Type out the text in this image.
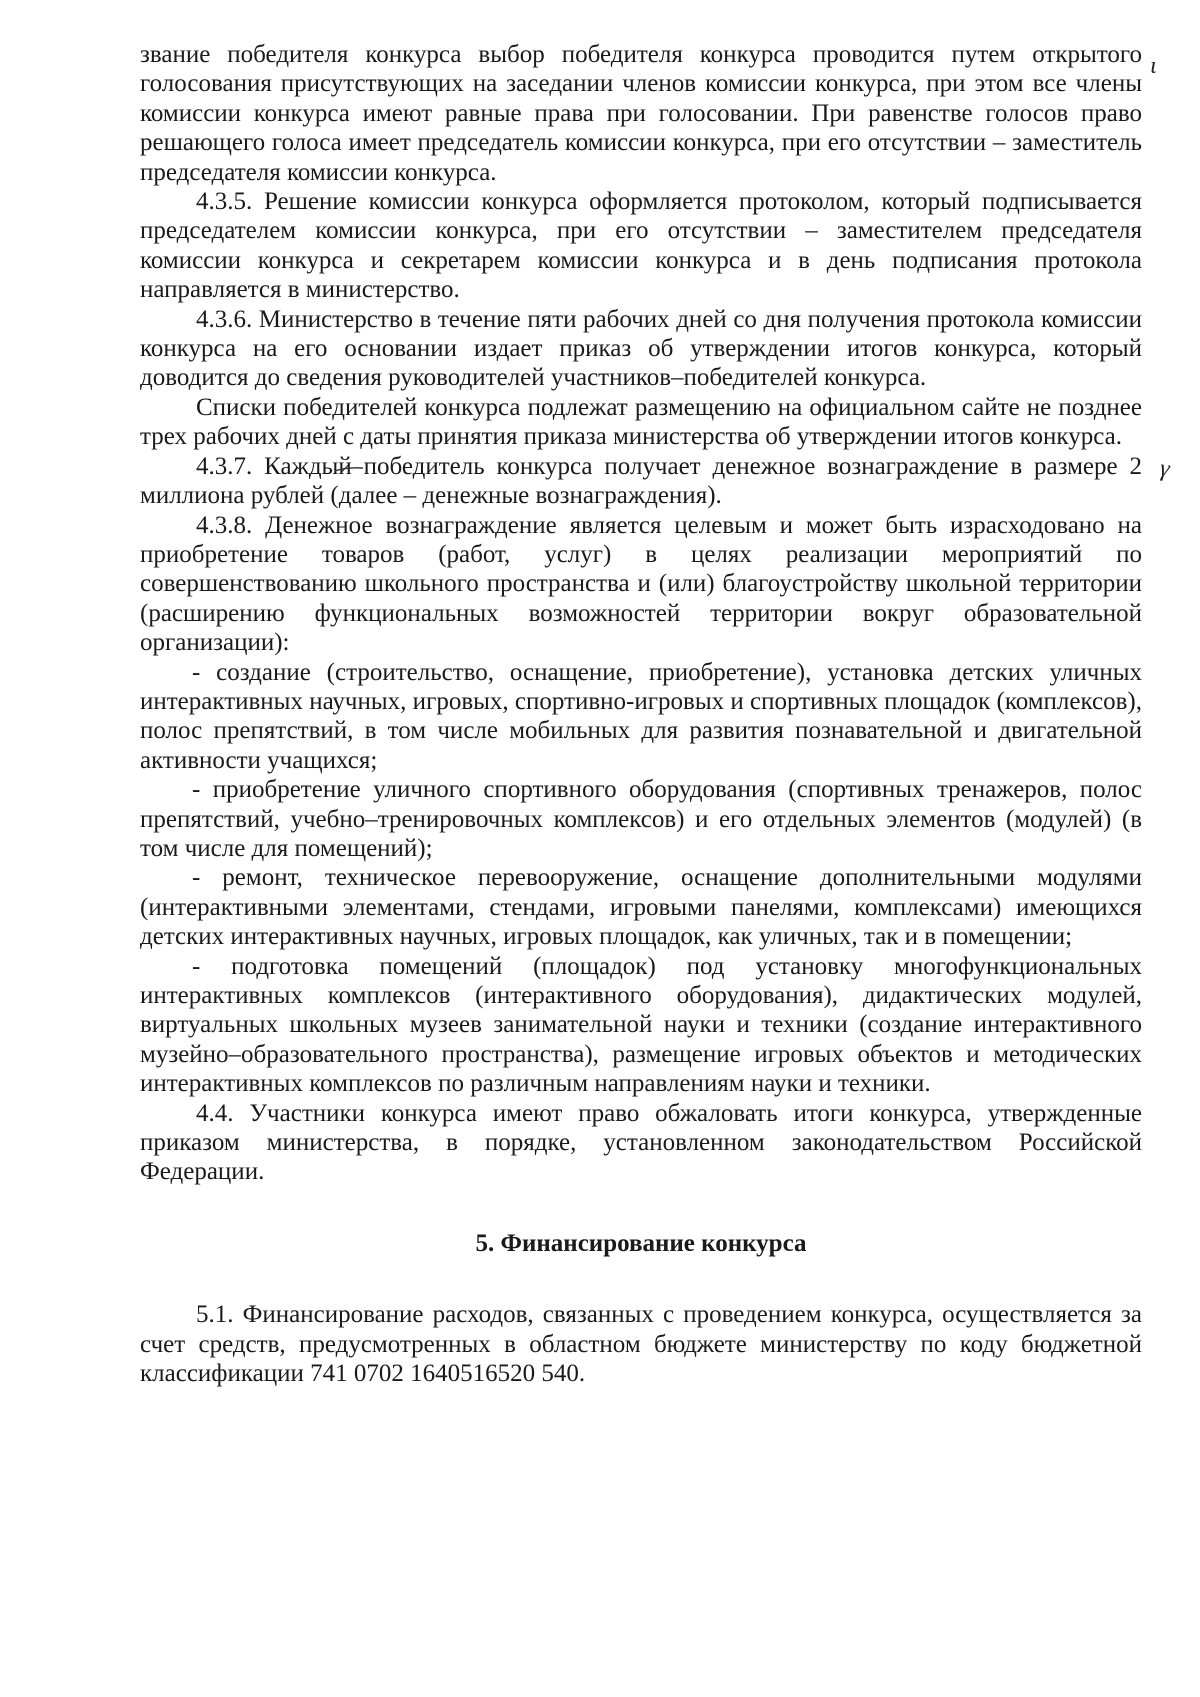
звание победителя конкурса выбор победителя конкурса проводится путем открытого голосования присутствующих на заседании членов комиссии конкурса, при этом все члены комиссии конкурса имеют равные права при голосовании. При равенстве голосов право решающего голоса имеет председатель комиссии конкурса, при его отсутствии – заместитель председателя комиссии конкурса.

4.3.5. Решение комиссии конкурса оформляется протоколом, который подписывается председателем комиссии конкурса, при его отсутствии – заместителем председателя комиссии конкурса и секретарем комиссии конкурса и в день подписания протокола направляется в министерство.

4.3.6. Министерство в течение пяти рабочих дней со дня получения протокола комиссии конкурса на его основании издает приказ об утверждении итогов конкурса, который доводится до сведения руководителей участников–победителей конкурса.

Списки победителей конкурса подлежат размещению на официальном сайте не позднее трех рабочих дней с даты принятия приказа министерства об утверждении итогов конкурса.

4.3.7. Каждый победитель конкурса получает денежное вознаграждение в размере 2 миллиона рублей (далее – денежные вознаграждения).

4.3.8. Денежное вознаграждение является целевым и может быть израсходовано на приобретение товаров (работ, услуг) в целях реализации мероприятий по совершенствованию школьного пространства и (или) благоустройству школьной территории (расширению функциональных возможностей территории вокруг образовательной организации):

- создание (строительство, оснащение, приобретение), установка детских уличных интерактивных научных, игровых, спортивно-игровых и спортивных площадок (комплексов), полос препятствий, в том числе мобильных для развития познавательной и двигательной активности учащихся;

- приобретение уличного спортивного оборудования (спортивных тренажеров, полос препятствий, учебно–тренировочных комплексов) и его отдельных элементов (модулей) (в том числе для помещений);

- ремонт, техническое перевооружение, оснащение дополнительными модулями (интерактивными элементами, стендами, игровыми панелями, комплексами) имеющихся детских интерактивных научных, игровых площадок, как уличных, так и в помещении;

- подготовка помещений (площадок) под установку многофункциональных интерактивных комплексов (интерактивного оборудования), дидактических модулей, виртуальных школьных музеев занимательной науки и техники (создание интерактивного музейно–образовательного пространства), размещение игровых объектов и методических интерактивных комплексов по различным направлениям науки и техники.

4.4. Участники конкурса имеют право обжаловать итоги конкурса, утвержденные приказом министерства, в порядке, установленном законодательством Российской Федерации.

5. Финансирование конкурса

5.1. Финансирование расходов, связанных с проведением конкурса, осуществляется за счет средств, предусмотренных в областном бюджете министерству по коду бюджетной классификации 741 0702 1640516520 540.

ι
γ
